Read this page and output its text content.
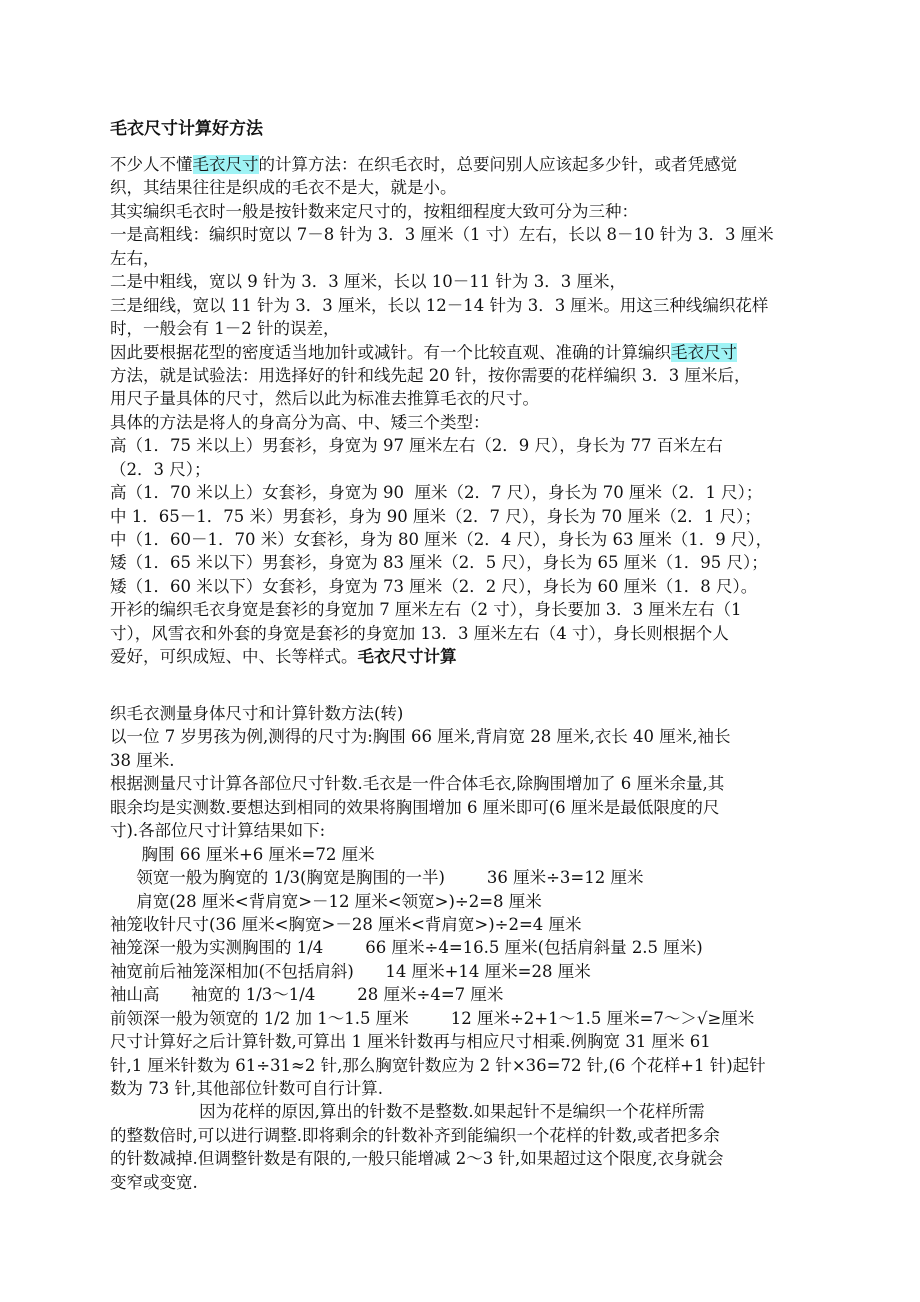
毛衣尺寸计算好方法
不少人不懂毛衣尺寸的计算方法：在织毛衣时，总要问别人应该起多少针，或者凭感觉
织，其结果往往是织成的毛衣不是大，就是小。
其实编织毛衣时一般是按针数来定尺寸的，按粗细程度大致可分为三种：
一是高粗线：编织时宽以 7－8 针为 3．3 厘米（1 寸）左右，长以 8－10 针为 3．3 厘米
左右，
二是中粗线，宽以 9 针为 3．3 厘米，长以 10－11 针为 3．3 厘米，
三是细线，宽以 11 针为 3．3 厘米，长以 12－14 针为 3．3 厘米。用这三种线编织花样
时，一般会有 1－2 针的误差，
因此要根据花型的密度适当地加针或减针。有一个比较直观、准确的计算编织毛衣尺寸
方法，就是试验法：用选择好的针和线先起 20 针，按你需要的花样编织 3．3 厘米后，
用尺子量具体的尺寸，然后以此为标准去推算毛衣的尺寸。
具体的方法是将人的身高分为高、中、矮三个类型：
高（1．75 米以上）男套衫，身宽为 97 厘米左右（2．9 尺），身长为 77 百米左右
（2．3 尺）；
高（1．70 米以上）女套衫，身宽为 90  厘米（2．7 尺），身长为 70 厘米（2．1 尺）；
中 1．65－1．75 米）男套衫，身为 90 厘米（2．7 尺），身长为 70 厘米（2．1 尺）；
中（1．60－1．70 米）女套衫，身为 80 厘米（2．4 尺），身长为 63 厘米（1．9 尺），
矮（1．65 米以下）男套衫，身宽为 83 厘米（2．5 尺），身长为 65 厘米（1．95 尺）；
矮（1．60 米以下）女套衫，身宽为 73 厘米（2．2 尺），身长为 60 厘米（1．8 尺）。
开衫的编织毛衣身宽是套衫的身宽加 7 厘米左右（2 寸），身长要加 3．3 厘米左右（1
寸），风雪衣和外套的身宽是套衫的身宽加 13．3 厘米左右（4 寸），身长则根据个人
爱好，可织成短、中、长等样式。毛衣尺寸计算
织毛衣测量身体尺寸和计算针数方法(转)
以一位 7 岁男孩为例,测得的尺寸为:胸围 66 厘米,背肩宽 28 厘米,衣长 40 厘米,袖长
38 厘米.
根据测量尺寸计算各部位尺寸针数.毛衣是一件合体毛衣,除胸围增加了 6 厘米余量,其
眼余均是实测数.要想达到相同的效果将胸围增加 6 厘米即可(6 厘米是最低限度的尺
寸).各部位尺寸计算结果如下:
胸围 66 厘米+6 厘米=72 厘米
领宽一般为胸宽的 1/3(胸宽是胸围的一半)        36 厘米÷3=12 厘米
肩宽(28 厘米<背肩宽>－12 厘米<领宽>)÷2=8 厘米
袖笼收针尺寸(36 厘米<胸宽>－28 厘米<背肩宽>)÷2=4 厘米
袖笼深一般为实测胸围的 1/4        66 厘米÷4=16.5 厘米(包括肩斜量 2.5 厘米)
袖宽前后袖笼深相加(不包括肩斜)      14 厘米+14 厘米=28 厘米
袖山高      袖宽的 1/3～1/4        28 厘米÷4=7 厘米
前领深一般为领宽的 1/2 加 1～1.5 厘米        12 厘米÷2+1～1.5 厘米=7～＞√≥厘米
尺寸计算好之后计算针数,可算出 1 厘米针数再与相应尺寸相乘.例胸宽 31 厘米 61
针,1 厘米针数为 61÷31≈2 针,那么胸宽针数应为 2 针×36=72 针,(6 个花样+1 针)起针
数为 73 针,其他部位针数可自行计算.
因为花样的原因,算出的针数不是整数.如果起针不是编织一个花样所需
的整数倍时,可以进行调整.即将剩余的针数补齐到能编织一个花样的针数,或者把多余
的针数减掉.但调整针数是有限的,一般只能增减 2～3 针,如果超过这个限度,衣身就会
变窄或变宽.
